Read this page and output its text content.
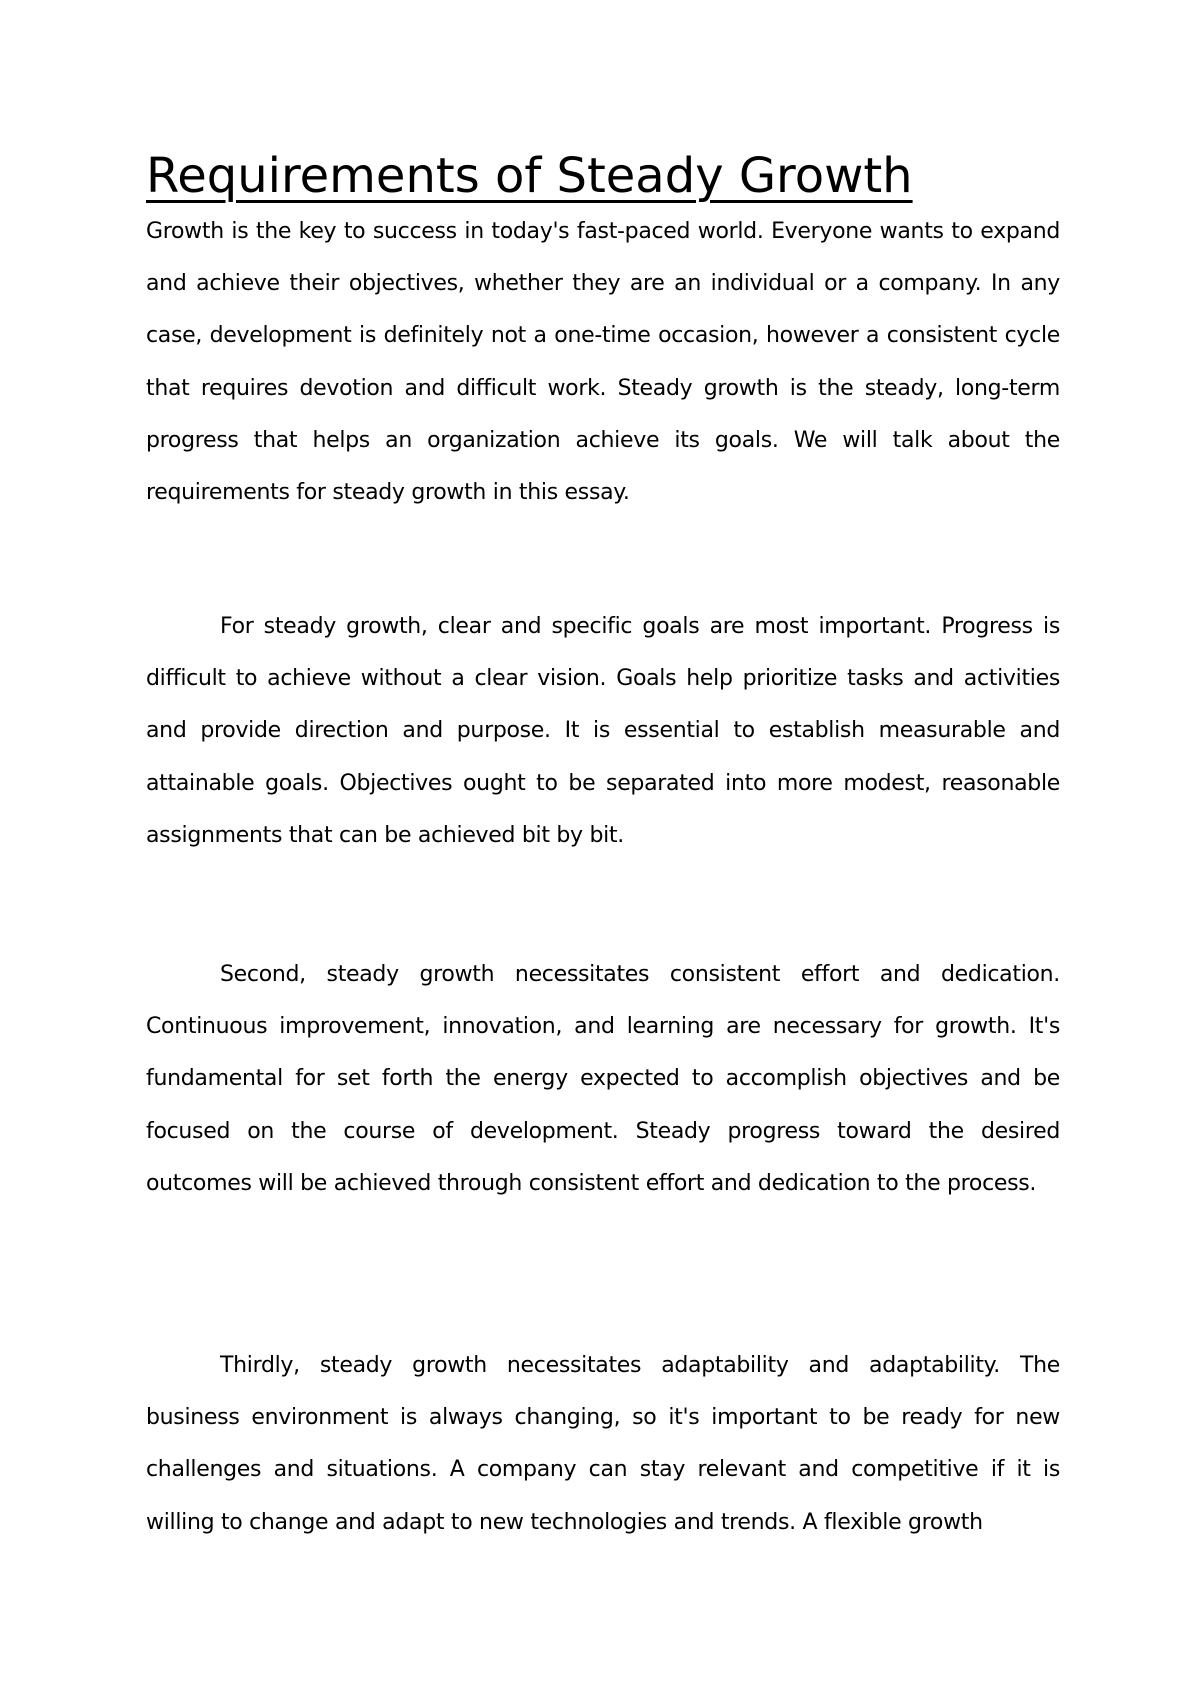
Requirements of Steady Growth

Growth is the key to success in today's fast-paced world. Everyone wants to expand and achieve their objectives, whether they are an individual or a company. In any case, development is definitely not a one-time occasion, however a consistent cycle that requires devotion and difficult work. Steady growth is the steady, long-term progress that helps an organization achieve its goals. We will talk about the requirements for steady growth in this essay.

For steady growth, clear and specific goals are most important. Progress is difficult to achieve without a clear vision. Goals help prioritize tasks and activities and provide direction and purpose. It is essential to establish measurable and attainable goals. Objectives ought to be separated into more modest, reasonable assignments that can be achieved bit by bit.

Second, steady growth necessitates consistent effort and dedication. Continuous improvement, innovation, and learning are necessary for growth. It's fundamental for set forth the energy expected to accomplish objectives and be focused on the course of development. Steady progress toward the desired outcomes will be achieved through consistent effort and dedication to the process.

Thirdly, steady growth necessitates adaptability and adaptability. The business environment is always changing, so it's important to be ready for new challenges and situations. A company can stay relevant and competitive if it is willing to change and adapt to new technologies and trends. A flexible growth
